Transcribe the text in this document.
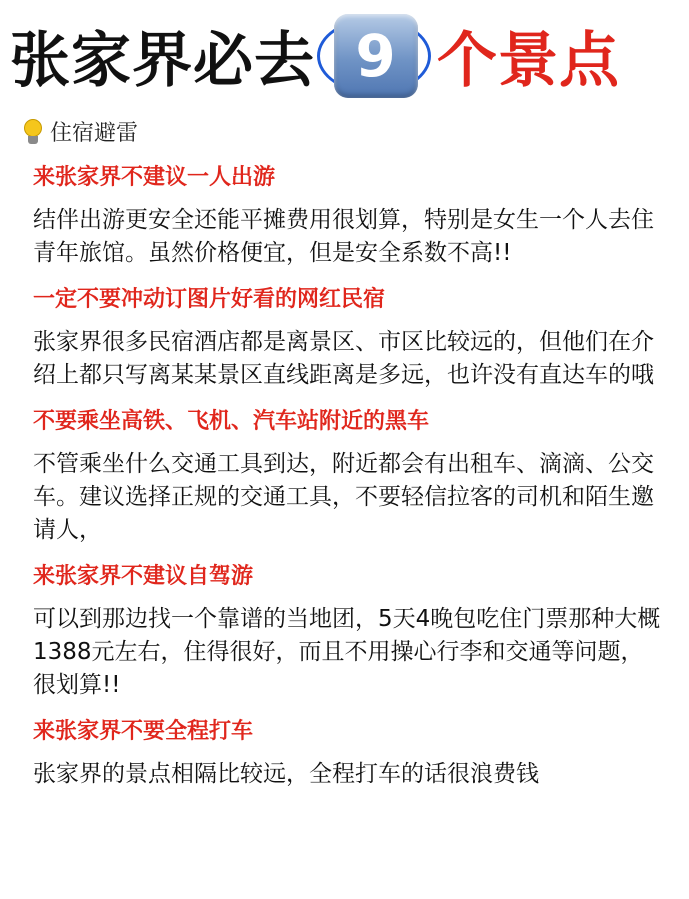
张家界必去 9 个景点
住宿避雷
来张家界不建议一人出游
结伴出游更安全还能平摊费用很划算，特别是女生一个人去住青年旅馆。虽然价格便宜，但是安全系数不高!!
一定不要冲动订图片好看的网红民宿
张家界很多民宿酒店都是离景区、市区比较远的，但他们在介绍上都只写离某某景区直线距离是多远，也许没有直达车的哦
不要乘坐高铁、飞机、汽车站附近的黑车
不管乘坐什么交通工具到达，附近都会有出租车、滴滴、公交车。建议选择正规的交通工具，不要轻信拉客的司机和陌生邀请人，
来张家界不建议自驾游
可以到那边找一个靠谱的当地团，5天4晚包吃住门票那种大概1388元左右，住得很好，而且不用操心行李和交通等问题，很划算!!
来张家界不要全程打车
张家界的景点相隔比较远，全程打车的话很浪费钱
